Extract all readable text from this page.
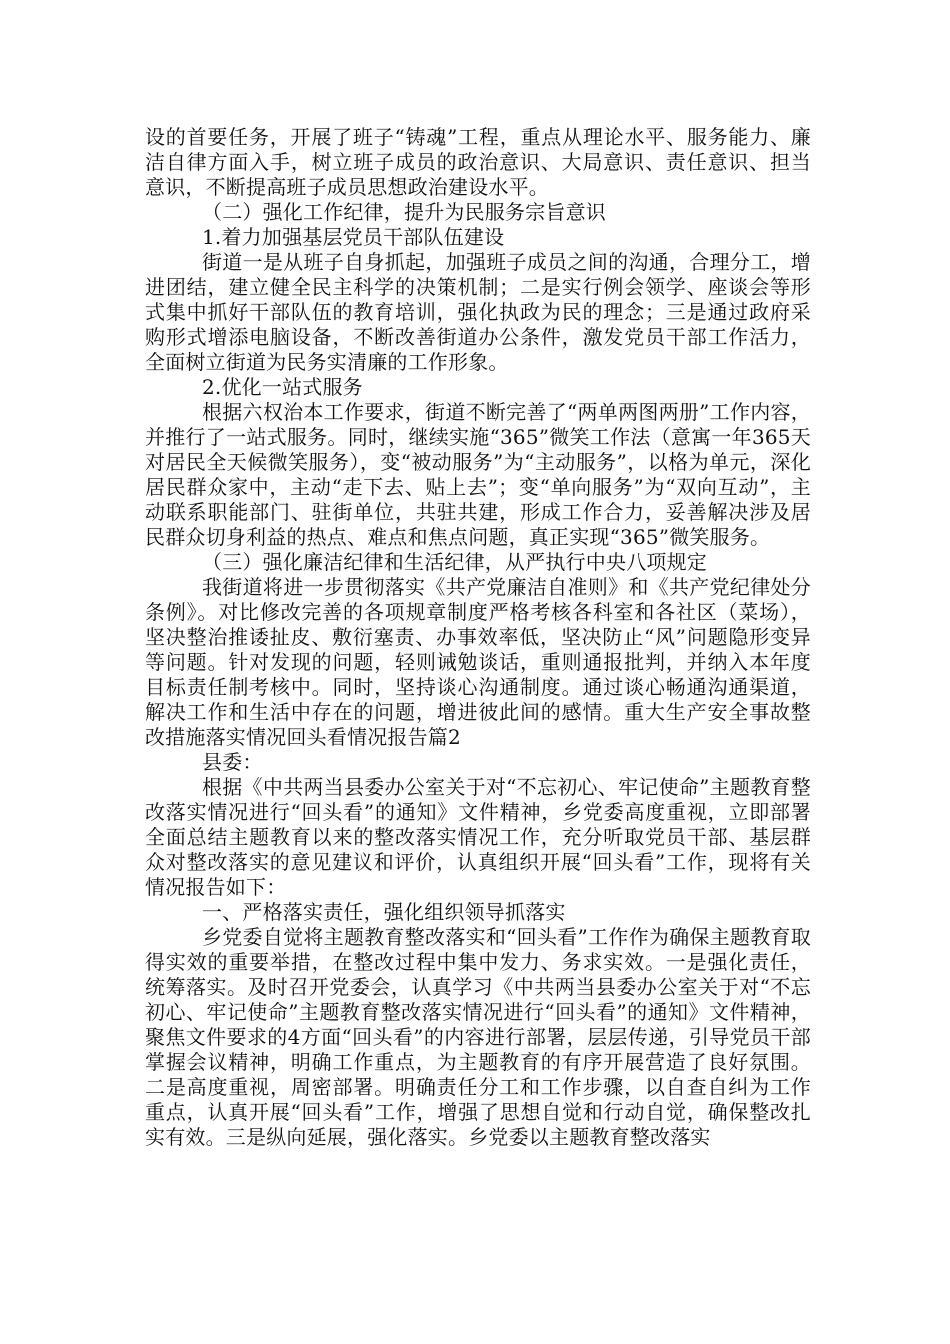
设的首要任务，开展了班子“铸魂”工程，重点从理论水平、服务能力、廉洁自律方面入手，树立班子成员的政治意识、大局意识、责任意识、担当意识，不断提高班子成员思想政治建设水平。

（二）强化工作纪律，提升为民服务宗旨意识

1.着力加强基层党员干部队伍建设

街道一是从班子自身抓起，加强班子成员之间的沟通，合理分工，增进团结，建立健全民主科学的决策机制；二是实行例会领学、座谈会等形式集中抓好干部队伍的教育培训，强化执政为民的理念；三是通过政府采购形式增添电脑设备，不断改善街道办公条件，激发党员干部工作活力，全面树立街道为民务实清廉的工作形象。

2.优化一站式服务

根据六权治本工作要求，街道不断完善了“两单两图两册”工作内容，并推行了一站式服务。同时，继续实施“365”微笑工作法（意寓一年365天对居民全天候微笑服务），变“被动服务”为“主动服务”，以格为单元，深化居民群众家中，主动“走下去、贴上去”；变“单向服务”为“双向互动”，主动联系职能部门、驻街单位，共驻共建，形成工作合力，妥善解决涉及居民群众切身利益的热点、难点和焦点问题，真正实现“365”微笑服务。

（三）强化廉洁纪律和生活纪律，从严执行中央八项规定

我街道将进一步贯彻落实《共产党廉洁自准则》和《共产党纪律处分条例》。对比修改完善的各项规章制度严格考核各科室和各社区（菜场），坚决整治推诿扯皮、敷衍塞责、办事效率低，坚决防止“风”问题隐形变异等问题。针对发现的问题，轻则诫勉谈话，重则通报批判，并纳入本年度目标责任制考核中。同时，坚持谈心沟通制度。通过谈心畅通沟通渠道，解决工作和生活中存在的问题，增进彼此间的感情。重大生产安全事故整改措施落实情况回头看情况报告篇2

县委：

根据《中共两当县委办公室关于对“不忘初心、牢记使命”主题教育整改落实情况进行“回头看”的通知》文件精神，乡党委高度重视，立即部署全面总结主题教育以来的整改落实情况工作，充分听取党员干部、基层群众对整改落实的意见建议和评价，认真组织开展“回头看”工作，现将有关情况报告如下：

一、严格落实责任，强化组织领导抓落实

乡党委自觉将主题教育整改落实和“回头看”工作作为确保主题教育取得实效的重要举措，在整改过程中集中发力、务求实效。一是强化责任，统筹落实。及时召开党委会，认真学习《中共两当县委办公室关于对“不忘初心、牢记使命”主题教育整改落实情况进行“回头看”的通知》文件精神，聚焦文件要求的4方面“回头看”的内容进行部署，层层传递，引导党员干部掌握会议精神，明确工作重点，为主题教育的有序开展营造了良好氛围。二是高度重视，周密部署。明确责任分工和工作步骤，以自查自纠为工作重点，认真开展“回头看”工作，增强了思想自觉和行动自觉，确保整改扎实有效。三是纵向延展，强化落实。乡党委以主题教育整改落实
